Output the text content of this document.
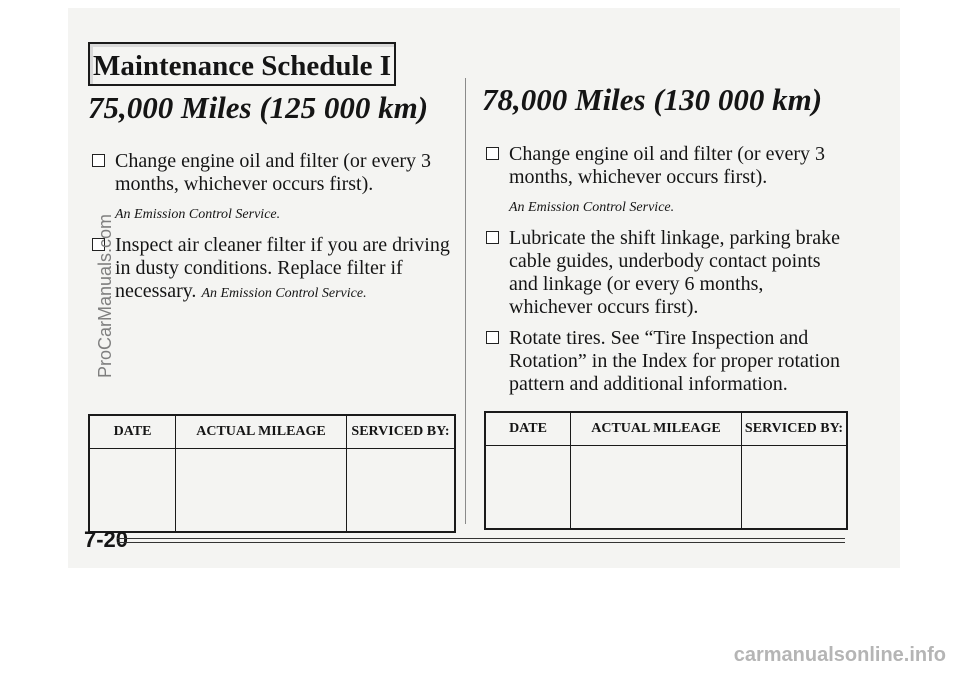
Maintenance Schedule I
75,000 Miles (125 000 km)
Change engine oil and filter (or every 3 months, whichever occurs first).
An Emission Control Service.
Inspect air cleaner filter if you are driving in dusty conditions. Replace filter if necessary. An Emission Control Service.
DATE	ACTUAL MILEAGE	SERVICED BY:

78,000 Miles (130 000 km)
Change engine oil and filter (or every 3 months, whichever occurs first).
An Emission Control Service.
Lubricate the shift linkage, parking brake cable guides, underbody contact points and linkage (or every 6 months, whichever occurs first).
Rotate tires. See “Tire Inspection and Rotation” in the Index for proper rotation pattern and additional information.
DATE	ACTUAL MILEAGE	SERVICED BY:

7-20
ProCarManuals.com
carmanualsonline.info
